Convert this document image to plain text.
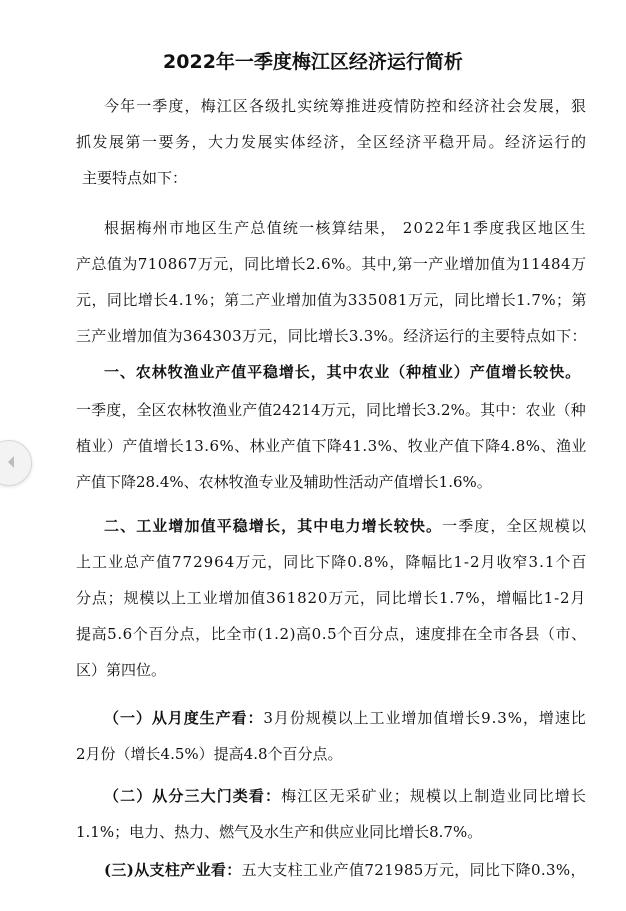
2022年一季度梅江区经济运行简析
今年一季度，梅江区各级扎实统筹推进疫情防控和经济社会发展，狠
抓发展第一要务，大力发展实体经济，全区经济平稳开局。经济运行的
主要特点如下：
根据梅州市地区生产总值统一核算结果， 2022年1季度我区地区生
产总值为710867万元，同比增长2.6%。其中,第一产业增加值为11484万
元，同比增长4.1%；第二产业增加值为335081万元，同比增长1.7%；第
三产业增加值为364303万元，同比增长3.3%。经济运行的主要特点如下：
一、农林牧渔业产值平稳增长，其中农业（种植业）产值增长较快。
一季度，全区农林牧渔业产值24214万元，同比增长3.2%。其中：农业（种
植业）产值增长13.6%、林业产值下降41.3%、牧业产值下降4.8%、渔业
产值下降28.4%、农林牧渔专业及辅助性活动产值增长1.6%。
二、工业增加值平稳增长，其中电力增长较快。一季度，全区规模以
上工业总产值772964万元，同比下降0.8%，降幅比1-2月收窄3.1个百
分点；规模以上工业增加值361820万元，同比增长1.7%，增幅比1-2月
提高5.6个百分点，比全市(1.2)高0.5个百分点，速度排在全市各县（市、
区）第四位。
（一）从月度生产看：3月份规模以上工业增加值增长9.3%，增速比
2月份（增长4.5%）提高4.8个百分点。
（二）从分三大门类看：梅江区无采矿业；规模以上制造业同比增长
1.1%；电力、热力、燃气及水生产和供应业同比增长8.7%。
(三)从支柱产业看：五大支柱工业产值721985万元，同比下降0.3%，
